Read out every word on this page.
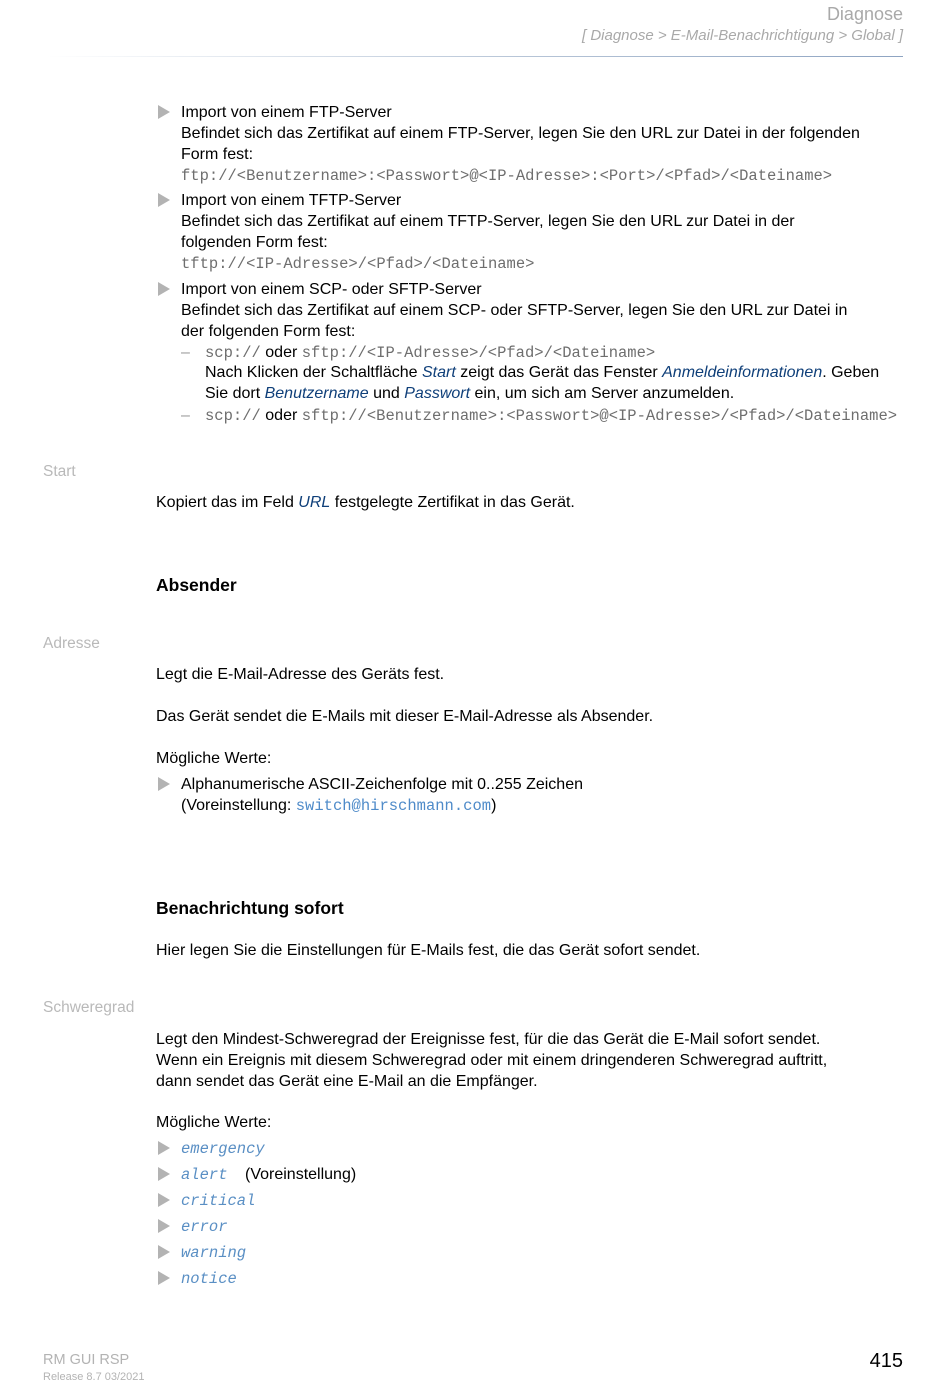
Diagnose
[ Diagnose > E-Mail-Benachrichtigung > Global ]
Import von einem FTP-Server
Befindet sich das Zertifikat auf einem FTP-Server, legen Sie den URL zur Datei in der folgenden
Form fest:
ftp://<Benutzername>:<Passwort>@<IP-Adresse>:<Port>/<Pfad>/<Dateiname>
Import von einem TFTP-Server
Befindet sich das Zertifikat auf einem TFTP-Server, legen Sie den URL zur Datei in der
folgenden Form fest:
tftp://<IP-Adresse>/<Pfad>/<Dateiname>
Import von einem SCP- oder SFTP-Server
Befindet sich das Zertifikat auf einem SCP- oder SFTP-Server, legen Sie den URL zur Datei in
der folgenden Form fest:
– scp:// oder sftp://<IP-Adresse>/<Pfad>/<Dateiname>
Nach Klicken der Schaltfläche Start zeigt das Gerät das Fenster Anmeldeinformationen. Geben
Sie dort Benutzername und Passwort ein, um sich am Server anzumelden.
– scp:// oder sftp://<Benutzername>:<Passwort>@<IP-Adresse>/<Pfad>/<Dateiname>
Start
Kopiert das im Feld URL festgelegte Zertifikat in das Gerät.
Absender
Adresse
Legt die E-Mail-Adresse des Geräts fest.
Das Gerät sendet die E-Mails mit dieser E-Mail-Adresse als Absender.
Mögliche Werte:
Alphanumerische ASCII-Zeichenfolge mit 0..255 Zeichen
(Voreinstellung: switch@hirschmann.com)
Benachrichtung sofort
Hier legen Sie die Einstellungen für E-Mails fest, die das Gerät sofort sendet.
Schweregrad
Legt den Mindest-Schweregrad der Ereignisse fest, für die das Gerät die E-Mail sofort sendet.
Wenn ein Ereignis mit diesem Schweregrad oder mit einem dringenderen Schweregrad auftritt,
dann sendet das Gerät eine E-Mail an die Empfänger.
Mögliche Werte:
emergency
alert (Voreinstellung)
critical
error
warning
notice
RM GUI RSP
Release 8.7 03/2021
415
